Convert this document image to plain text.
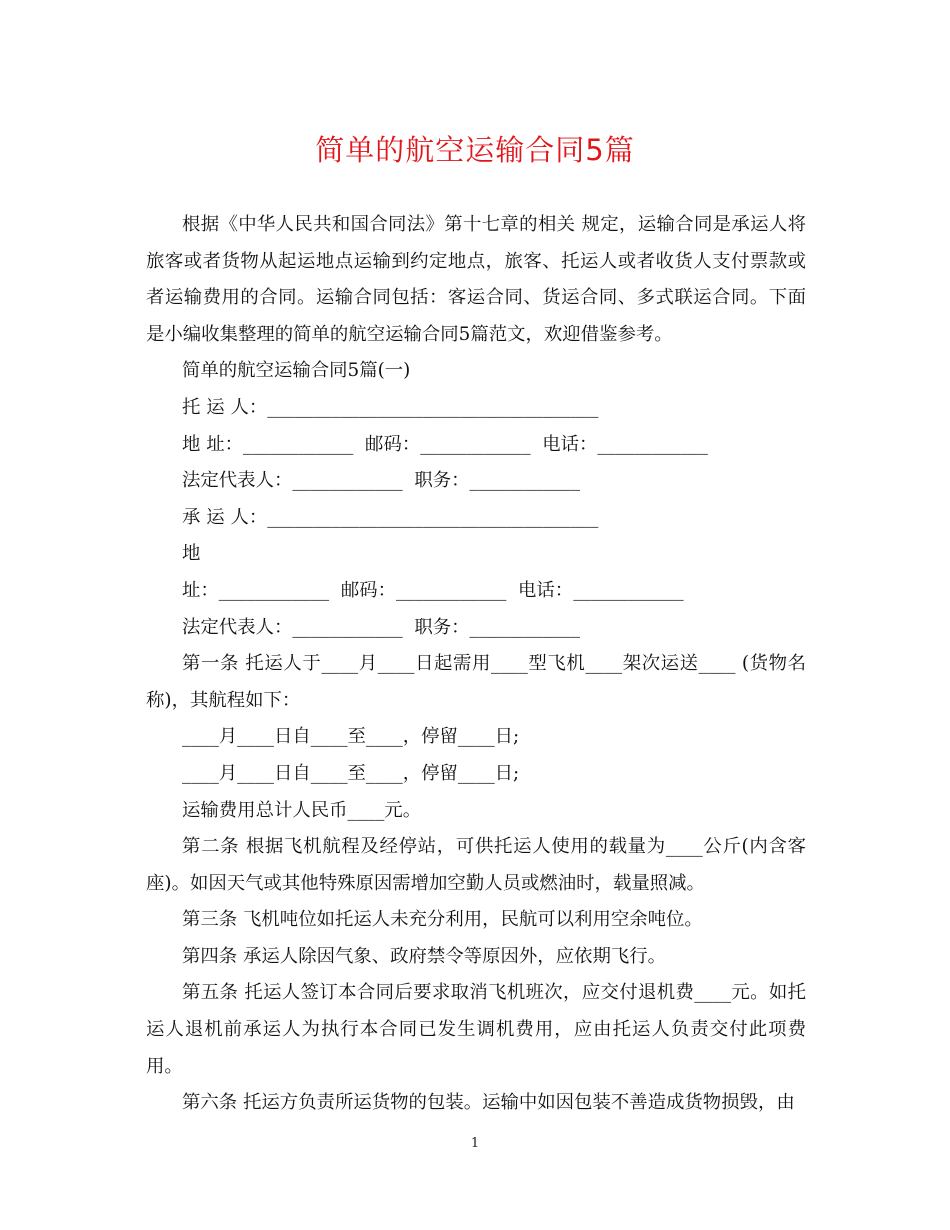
简单的航空运输合同5篇

根据《中华人民共和国合同法》第十七章的相关 规定，运输合同是承运人将旅客或者货物从起运地点运输到约定地点，旅客、托运人或者收货人支付票款或者运输费用的合同。运输合同包括：客运合同、货运合同、多式联运合同。下面是小编收集整理的简单的航空运输合同5篇范文，欢迎借鉴参考。

简单的航空运输合同5篇(一)

托 运 人：____________________________________

地 址：____________  邮码：____________  电话：____________

法定代表人：____________  职务：____________

承 运 人：____________________________________

地

址：____________  邮码：____________  电话：____________

法定代表人：____________  职务：____________

第一条 托运人于____月____日起需用____型飞机____架次运送____ (货物名称)，其航程如下：

____月____日自____至____，停留____日;

____月____日自____至____，停留____日;

运输费用总计人民币____元。

第二条 根据飞机航程及经停站，可供托运人使用的载量为____公斤(内含客座)。如因天气或其他特殊原因需增加空勤人员或燃油时，载量照减。

第三条 飞机吨位如托运人未充分利用，民航可以利用空余吨位。

第四条 承运人除因气象、政府禁令等原因外，应依期飞行。

第五条 托运人签订本合同后要求取消飞机班次，应交付退机费____元。如托运人退机前承运人为执行本合同已发生调机费用，应由托运人负责交付此项费用。

第六条 托运方负责所运货物的包装。运输中如因包装不善造成货物损毁，由

1
